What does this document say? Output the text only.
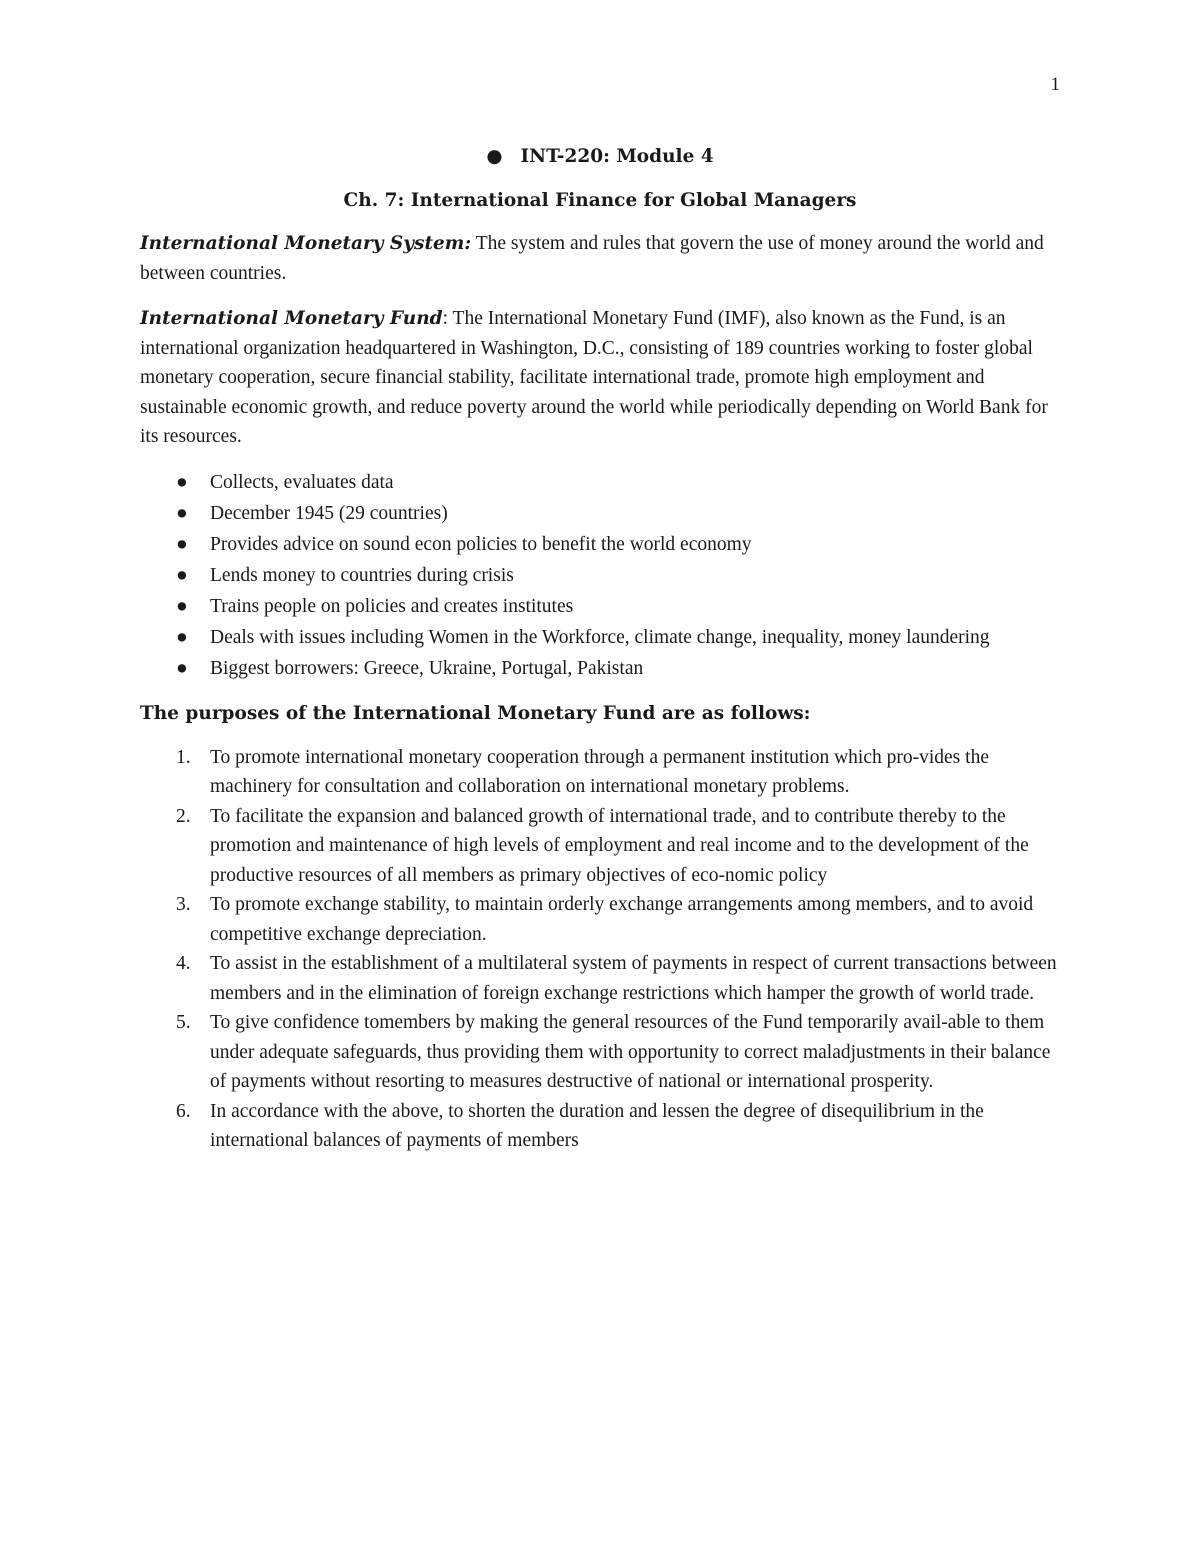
1
● INT-220: Module 4
Ch. 7: International Finance for Global Managers

International Monetary System: The system and rules that govern the use of money around the world and between countries.

International Monetary Fund: The International Monetary Fund (IMF), also known as the Fund, is an international organization headquartered in Washington, D.C., consisting of 189 countries working to foster global monetary cooperation, secure financial stability, facilitate international trade, promote high employment and sustainable economic growth, and reduce poverty around the world while periodically depending on World Bank for its resources.

● Collects, evaluates data
● December 1945 (29 countries)
● Provides advice on sound econ policies to benefit the world economy
● Lends money to countries during crisis
● Trains people on policies and creates institutes
● Deals with issues including Women in the Workforce, climate change, inequality, money laundering
● Biggest borrowers: Greece, Ukraine, Portugal, Pakistan
The purposes of the International Monetary Fund are as follows:
1. To promote international monetary cooperation through a permanent institution which pro-vides the machinery for consultation and collaboration on international monetary problems.
2. To facilitate the expansion and balanced growth of international trade, and to contribute thereby to the promotion and maintenance of high levels of employment and real income and to the development of the productive resources of all members as primary objectives of eco-nomic policy
3. To promote exchange stability, to maintain orderly exchange arrangements among members, and to avoid competitive exchange depreciation.
4. To assist in the establishment of a multilateral system of payments in respect of current transactions between members and in the elimination of foreign exchange restrictions which hamper the growth of world trade.
5. To give confidence tomembers by making the general resources of the Fund temporarily avail-able to them under adequate safeguards, thus providing them with opportunity to correct maladjustments in their balance of payments without resorting to measures destructive of national or international prosperity.
6. In accordance with the above, to shorten the duration and lessen the degree of disequilibrium in the international balances of payments of members
